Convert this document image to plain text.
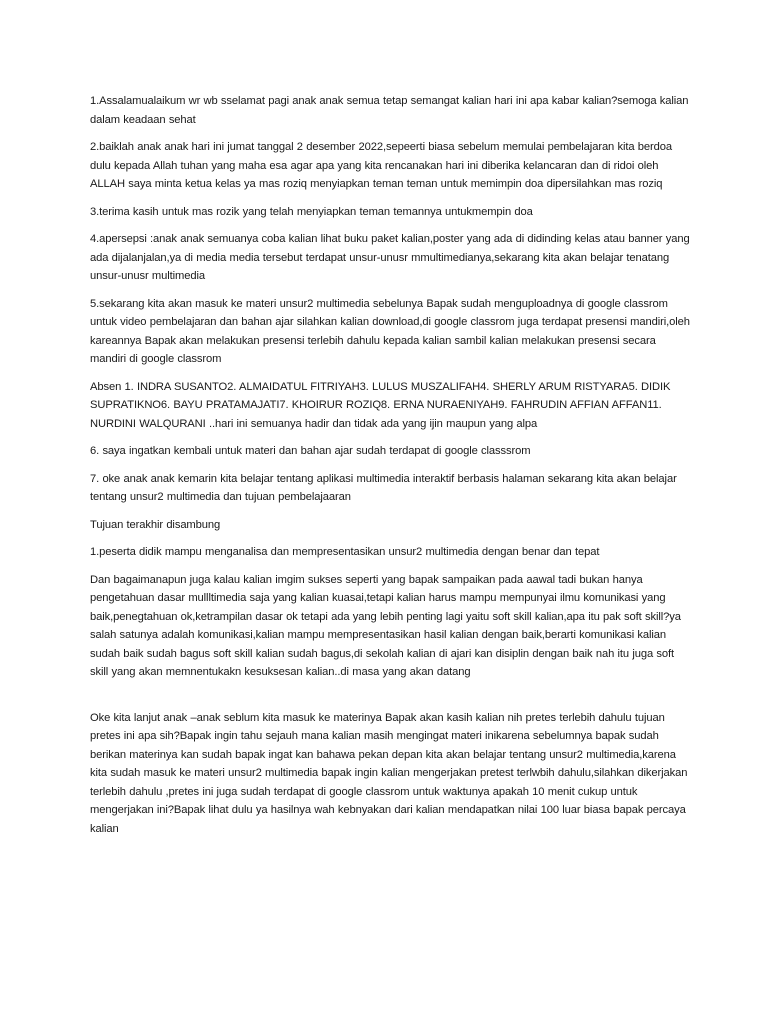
1.Assalamualaikum wr wb sselamat pagi anak anak semua tetap semangat kalian hari ini apa kabar kalian?semoga kalian dalam keadaan sehat

2.baiklah anak anak hari ini jumat tanggal 2 desember 2022,sepeerti biasa sebelum memulai pembelajaran kita berdoa dulu kepada Allah tuhan yang maha esa agar apa yang kita rencanakan hari ini diberika kelancaran dan di ridoi oleh ALLAH saya minta ketua kelas ya mas roziq menyiapkan teman teman untuk memimpin doa dipersilahkan mas roziq

3.terima kasih untuk mas rozik yang telah menyiapkan teman temannya untukmempin doa

4.apersepsi :anak anak semuanya coba kalian lihat buku paket kalian,poster yang ada di didinding kelas atau banner yang ada dijalanjalan,ya di media media tersebut terdapat unsur-unusr mmultimedianya,sekarang kita akan belajar tenatang unsur-unusr multimedia

5.sekarang kita akan masuk ke materi unsur2 multimedia sebelunya Bapak sudah menguploadnya di google classrom untuk video pembelajaran dan bahan ajar silahkan kalian download,di google classrom juga terdapat presensi mandiri,oleh kareannya Bapak akan melakukan presensi terlebih dahulu kepada kalian sambil kalian melakukan presensi secara mandiri di google classrom

Absen 1. INDRA SUSANTO2. ALMAIDATUL FITRIYAH3. LULUS MUSZALIFAH4. SHERLY ARUM RISTYARA5. DIDIK SUPRATIKNO6. BAYU PRATAMAJATI7. KHOIRUR ROZIQ8. ERNA NURAENIYAH9. FAHRUDIN AFFIAN AFFAN11. NURDINI WALQURANI ..hari ini semuanya hadir dan tidak ada yang ijin maupun yang alpa

6. saya ingatkan kembali untuk materi dan bahan ajar sudah terdapat di google classsrom

7. oke anak anak kemarin kita belajar tentang aplikasi multimedia interaktif berbasis halaman sekarang kita akan belajar tentang unsur2 multimedia dan tujuan pembelajaaran

Tujuan terakhir disambung

1.peserta didik mampu menganalisa dan mempresentasikan unsur2 multimedia dengan benar dan tepat

Dan bagaimanapun juga kalau kalian imgim sukses seperti yang bapak sampaikan pada aawal tadi bukan hanya pengetahuan dasar mullltimedia saja yang kalian kuasai,tetapi kalian harus mampu mempunyai ilmu komunikasi yang baik,penegtahuan ok,ketrampilan dasar ok tetapi ada yang lebih penting lagi yaitu soft skill kalian,apa itu pak soft skill?ya salah satunya adalah komunikasi,kalian mampu mempresentasikan hasil kalian dengan baik,berarti komunikasi kalian sudah baik sudah bagus soft skill kalian sudah bagus,di sekolah kalian di ajari kan disiplin dengan baik nah itu juga soft skill yang akan memnentukakn kesuksesan kalian..di masa yang akan datang

Oke kita lanjut anak –anak seblum kita masuk ke materinya Bapak akan kasih kalian nih pretes terlebih dahulu tujuan pretes ini apa sih?Bapak ingin tahu sejauh mana kalian masih mengingat materi inikarena sebelumnya bapak sudah berikan materinya kan sudah bapak ingat kan bahawa pekan depan kita akan belajar tentang unsur2 multimedia,karena kita sudah masuk ke materi unsur2 multimedia bapak ingin kalian mengerjakan pretest terlwbih dahulu,silahkan dikerjakan terlebih dahulu ,pretes ini juga sudah terdapat di google classrom untuk waktunya apakah 10 menit cukup untuk mengerjakan ini?Bapak lihat dulu ya hasilnya wah kebnyakan dari kalian mendapatkan nilai 100 luar biasa bapak percaya kalian
